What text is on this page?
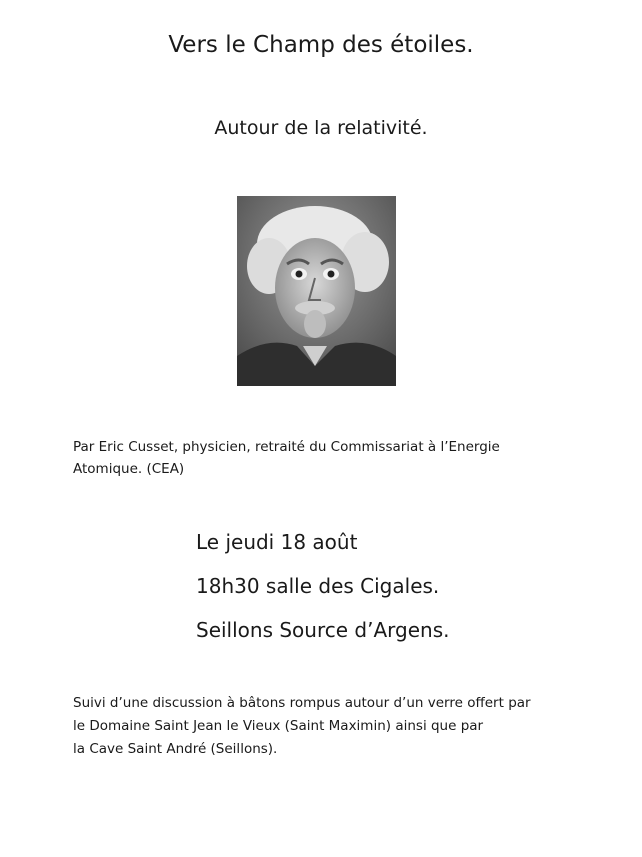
Vers le Champ des étoiles.
Autour de la relativité.
Par Eric Cusset, physicien, retraité du Commissariat à l’Energie
Atomique. (CEA)
Le jeudi 18 août
18h30 salle des Cigales.
Seillons Source d’Argens.
Suivi d’une discussion à bâtons rompus autour d’un verre offert par
le Domaine Saint Jean le Vieux (Saint Maximin) ainsi que par
la Cave Saint André (Seillons).
